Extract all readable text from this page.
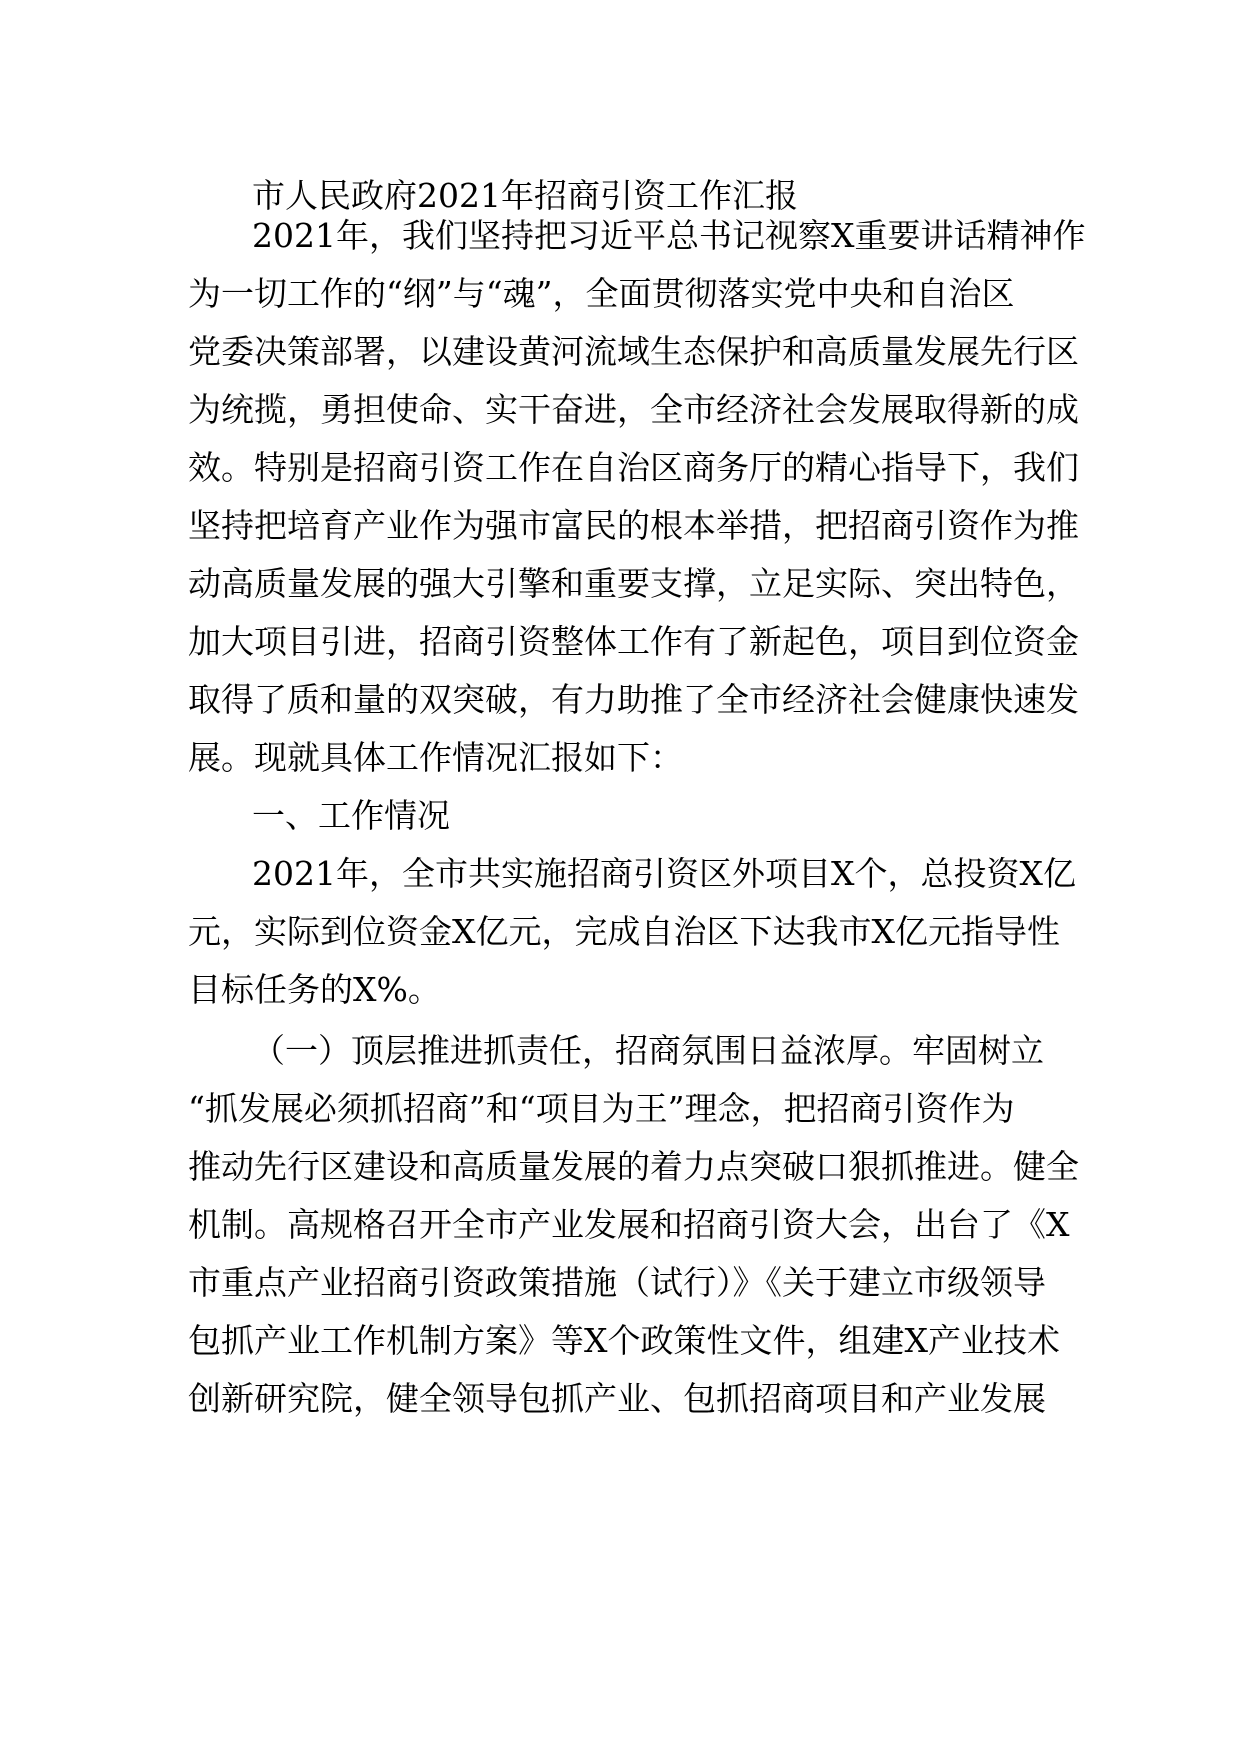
市人民政府2021年招商引资工作汇报
2021年，我们坚持把习近平总书记视察X重要讲话精神作
为一切工作的“纲”与“魂”，全面贯彻落实党中央和自治区
党委决策部署，以建设黄河流域生态保护和高质量发展先行区
为统揽，勇担使命、实干奋进，全市经济社会发展取得新的成
效。特别是招商引资工作在自治区商务厅的精心指导下，我们
坚持把培育产业作为强市富民的根本举措，把招商引资作为推
动高质量发展的强大引擎和重要支撑，立足实际、突出特色，
加大项目引进，招商引资整体工作有了新起色，项目到位资金
取得了质和量的双突破，有力助推了全市经济社会健康快速发
展。现就具体工作情况汇报如下：
一、工作情况
2021年，全市共实施招商引资区外项目X个，总投资X亿
元，实际到位资金X亿元，完成自治区下达我市X亿元指导性
目标任务的X%。
（一）顶层推进抓责任，招商氛围日益浓厚。牢固树立
“抓发展必须抓招商”和“项目为王”理念，把招商引资作为
推动先行区建设和高质量发展的着力点突破口狠抓推进。健全
机制。高规格召开全市产业发展和招商引资大会，出台了《X
市重点产业招商引资政策措施（试行）》《关于建立市级领导
包抓产业工作机制方案》等X个政策性文件，组建X产业技术
创新研究院，健全领导包抓产业、包抓招商项目和产业发展
